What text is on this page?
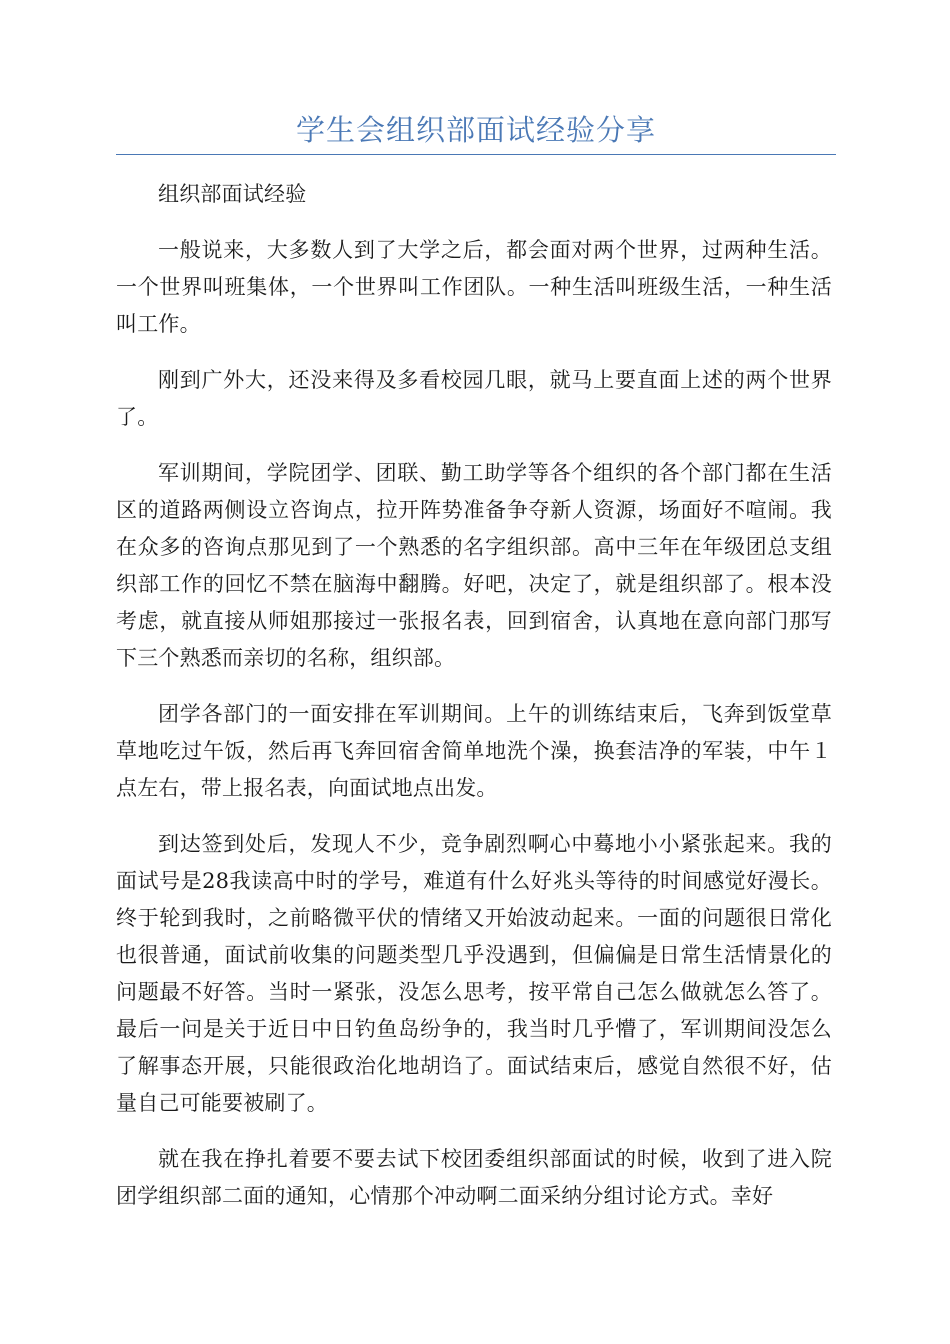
学生会组织部面试经验分享

组织部面试经验

一般说来，大多数人到了大学之后，都会面对两个世界，过两种生活。一个世界叫班集体，一个世界叫工作团队。一种生活叫班级生活，一种生活叫工作。

刚到广外大，还没来得及多看校园几眼，就马上要直面上述的两个世界了。

军训期间，学院团学、团联、勤工助学等各个组织的各个部门都在生活区的道路两侧设立咨询点，拉开阵势准备争夺新人资源，场面好不喧闹。我在众多的咨询点那见到了一个熟悉的名字组织部。高中三年在年级团总支组织部工作的回忆不禁在脑海中翻腾。好吧，决定了，就是组织部了。根本没考虑，就直接从师姐那接过一张报名表，回到宿舍，认真地在意向部门那写下三个熟悉而亲切的名称，组织部。

团学各部门的一面安排在军训期间。上午的训练结束后，飞奔到饭堂草草地吃过午饭，然后再飞奔回宿舍简单地洗个澡，换套洁净的军装，中午１点左右，带上报名表，向面试地点出发。

到达签到处后，发现人不少，竞争剧烈啊心中蓦地小小紧张起来。我的面试号是28我读高中时的学号，难道有什么好兆头等待的时间感觉好漫长。终于轮到我时，之前略微平伏的情绪又开始波动起来。一面的问题很日常化也很普通，面试前收集的问题类型几乎没遇到，但偏偏是日常生活情景化的问题最不好答。当时一紧张，没怎么思考，按平常自己怎么做就怎么答了。最后一问是关于近日中日钓鱼岛纷争的，我当时几乎懵了，军训期间没怎么了解事态开展，只能很政治化地胡诌了。面试结束后，感觉自然很不好，估量自己可能要被刷了。

就在我在挣扎着要不要去试下校团委组织部面试的时候，收到了进入院团学组织部二面的通知，心情那个冲动啊二面采纳分组讨论方式。幸好
